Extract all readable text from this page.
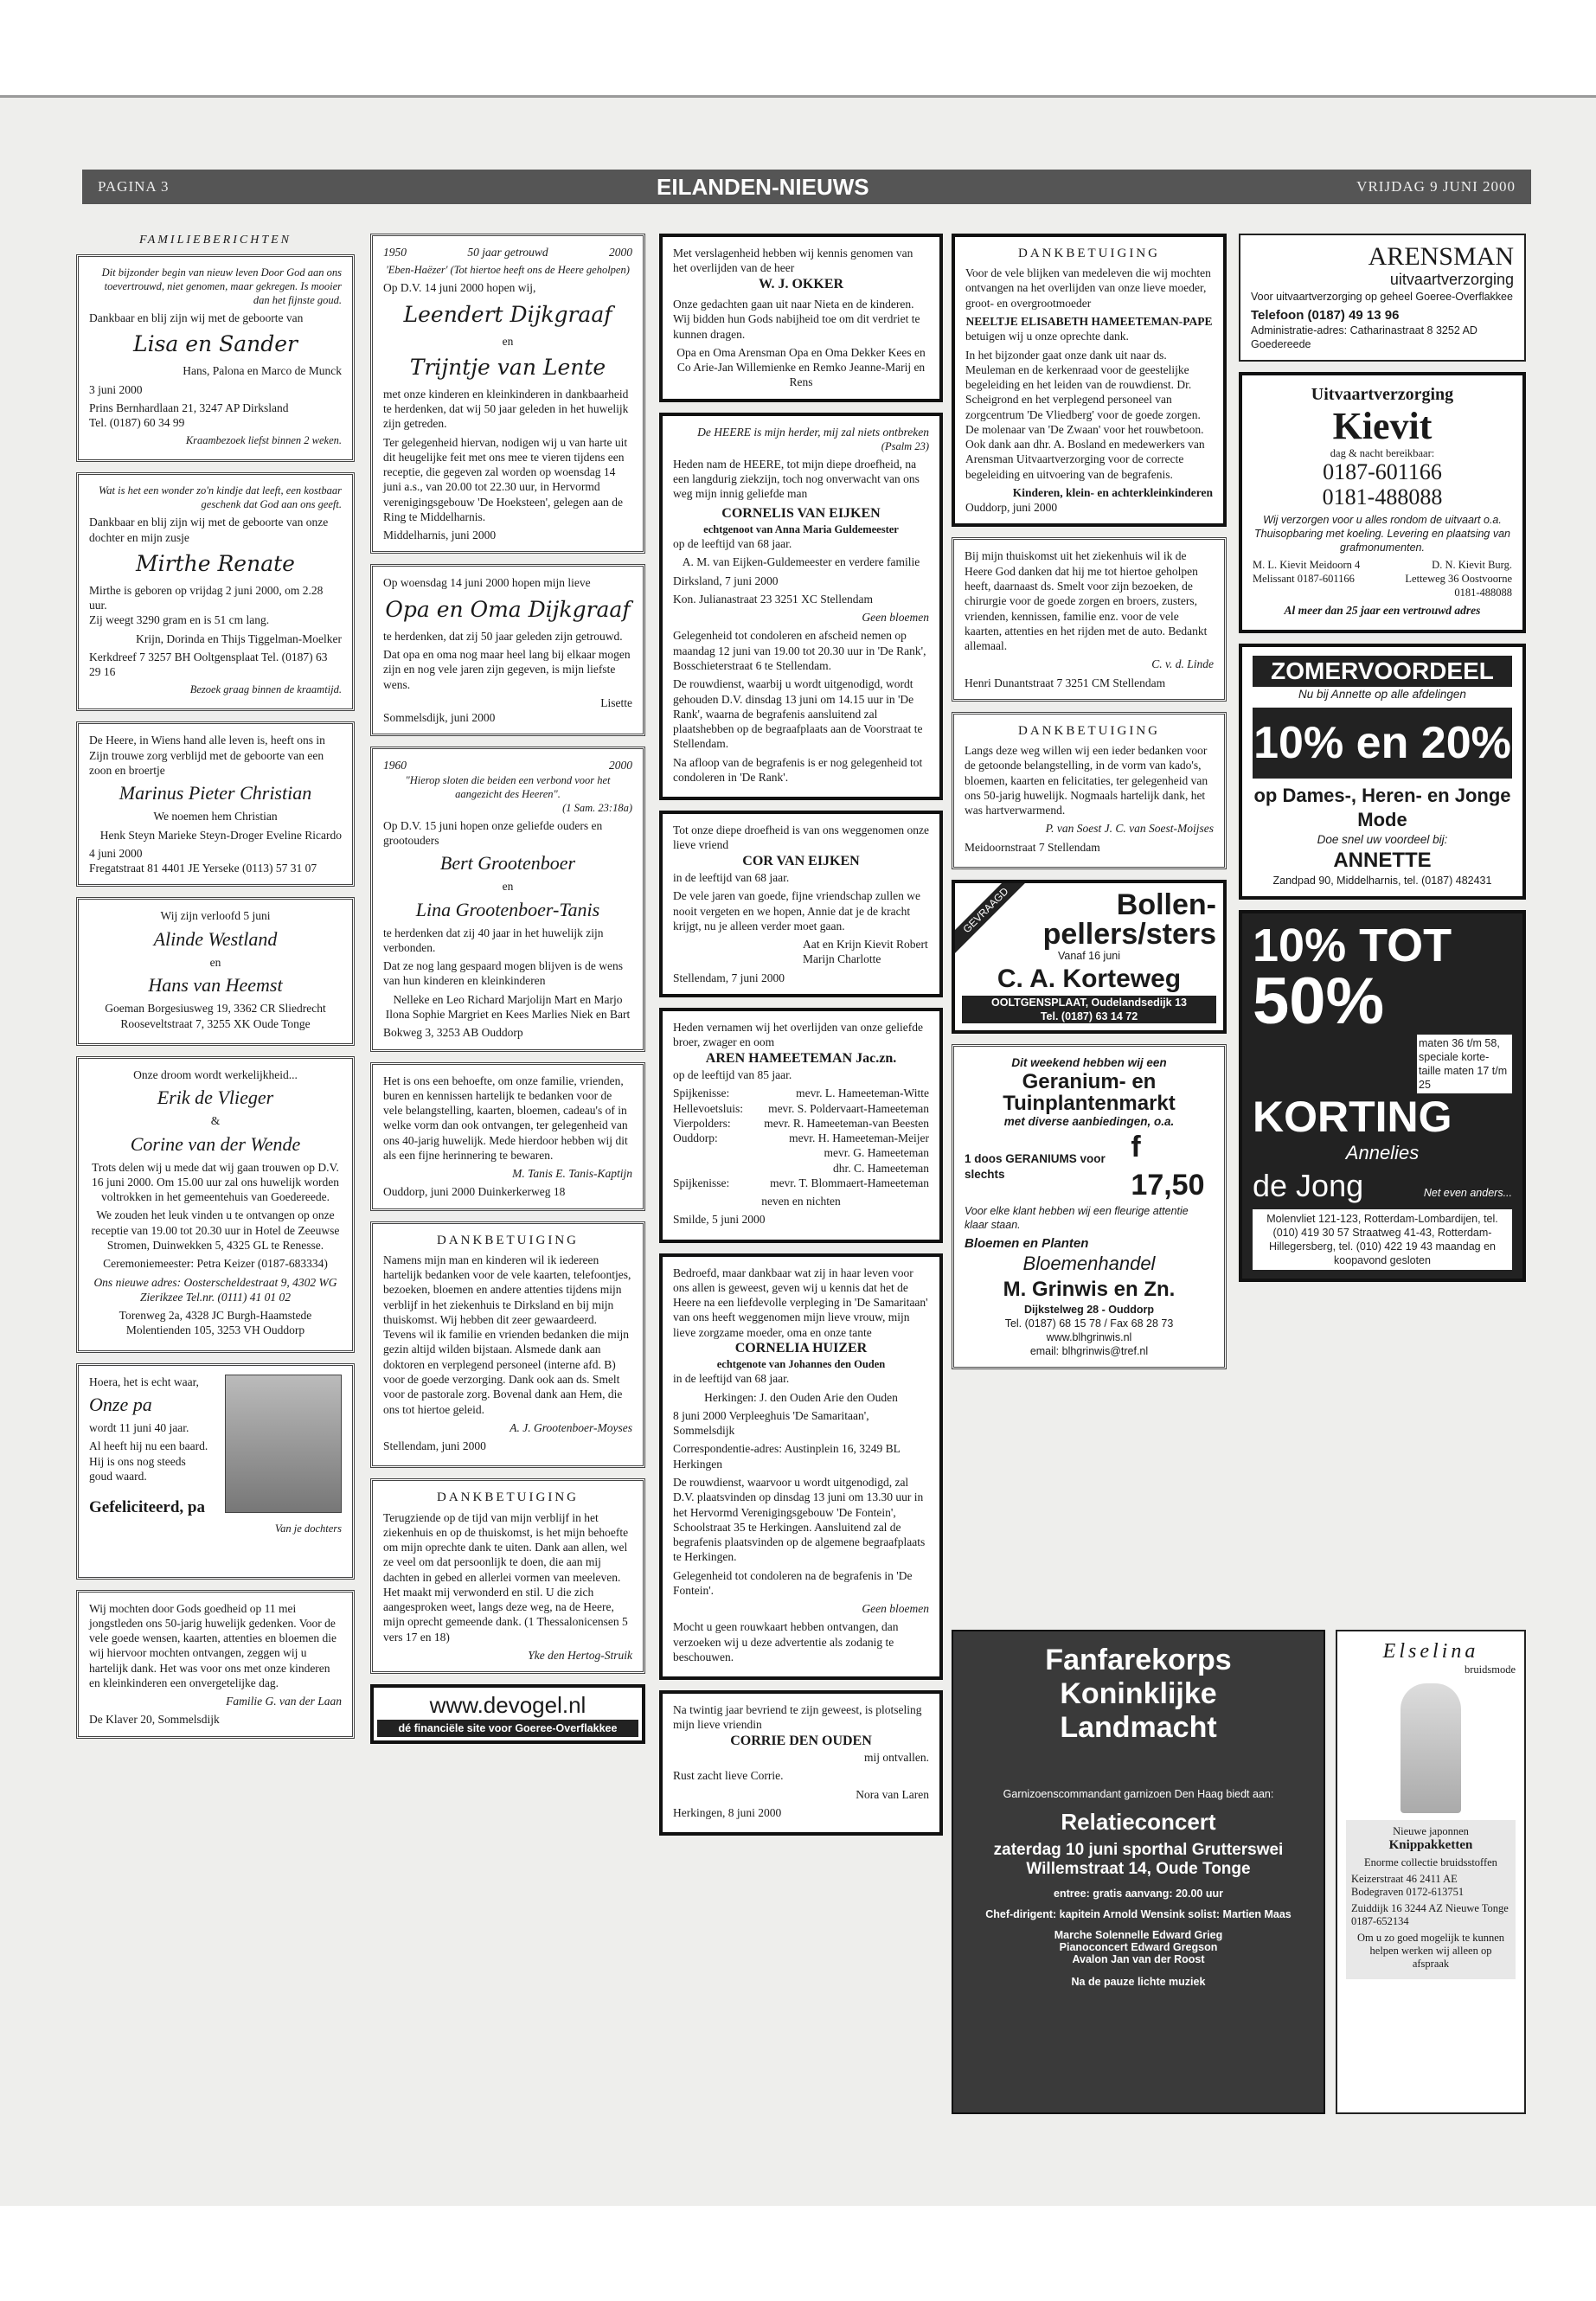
PAGINA 3	EILANDEN-NIEUWS	VRIJDAG 9 JUNI 2000
FAMILIEBERICHTEN
Dit bijzonder begin van nieuw leven Door God aan ons toevertrouwd, niet genomen, maar gekregen. Is mooier dan het fijnste goud.
Dankbaar en blij zijn wij met de geboorte van
Lisa en Sander
Hans, Palona en Marco de Munck
3 juni 2000
Prins Bernhardlaan 21, 3247 AP Dirksland
Tel. (0187) 60 34 99
Kraambezoek liefst binnen 2 weken.
Wat is het een wonder zo'n kindje dat leeft, een kostbaar geschenk dat God aan ons geeft.
Dankbaar en blij zijn wij met de geboorte van onze dochter en mijn zusje
Mirthe Renate
Mirthe is geboren op vrijdag 2 juni 2000, om 2.28 uur.
Zij weegt 3290 gram en is 51 cm lang.
Krijn, Dorinda en Thijs Tiggelman-Moelker
Kerkdreef 7 3257 BH Ooltgensplaat Tel. (0187) 63 29 16
Bezoek graag binnen de kraamtijd.
De Heere, in Wiens hand alle leven is, heeft ons in Zijn trouwe zorg verblijd met de geboorte van een zoon en broertje
Marinus Pieter Christian
We noemen hem Christian
Henk Steyn Marieke Steyn-Droger Eveline Ricardo
4 juni 2000
Fregatstraat 81 4401 JE Yerseke (0113) 57 31 07
Wij zijn verloofd 5 juni
Alinde Westland
en
Hans van Heemst
Goeman Borgesiusweg 19, 3362 CR Sliedrecht Rooseveltstraat 7, 3255 XK Oude Tonge
Onze droom wordt werkelijkheid...
Erik de Vlieger
&
Corine van der Wende
Trots delen wij u mede dat wij gaan trouwen op D.V. 16 juni 2000. Om 15.00 uur zal ons huwelijk worden voltrokken in het gemeentehuis van Goedereede.
We zouden het leuk vinden u te ontvangen op onze receptie van 19.00 tot 20.30 uur in Hotel de Zeeuwse Stromen, Duinwekken 5, 4325 GL te Renesse.
Ceremoniemeester: Petra Keizer (0187-683334)
Ons nieuwe adres: Oosterscheldestraat 9, 4302 WG Zierikzee Tel.nr. (0111) 41 01 02
Torenweg 2a, 4328 JC Burgh-Haamstede Molentienden 105, 3253 VH Ouddorp
Hoera, het is echt waar,
Onze pa
wordt 11 juni 40 jaar.
Al heeft hij nu een baard. Hij is ons nog steeds goud waard.
Gefeliciteerd, pa
Van je dochters
Wij mochten door Gods goedheid op 11 mei jongstleden ons 50-jarig huwelijk gedenken. Voor de vele goede wensen, kaarten, attenties en bloemen die wij hiervoor mochten ontvangen, zeggen wij u hartelijk dank. Het was voor ons met onze kinderen en kleinkinderen een onvergetelijke dag.
Familie G. van der Laan
De Klaver 20, Sommelsdijk
1950	50 jaar getrouwd	2000
'Eben-Haëzer' (Tot hiertoe heeft ons de Heere geholpen)
Op D.V. 14 juni 2000 hopen wij,
Leendert Dijkgraaf
en
Trijntje van Lente
met onze kinderen en kleinkinderen in dankbaarheid te herdenken, dat wij 50 jaar geleden in het huwelijk zijn getreden.
Ter gelegenheid hiervan, nodigen wij u van harte uit dit heugelijke feit met ons mee te vieren tijdens een receptie, die gegeven zal worden op woensdag 14 juni a.s., van 20.00 tot 22.30 uur, in Hervormd verenigingsgebouw 'De Hoeksteen', gelegen aan de Ring te Middelharnis.
Middelharnis, juni 2000
Op woensdag 14 juni 2000 hopen mijn lieve
Opa en Oma Dijkgraaf
te herdenken, dat zij 50 jaar geleden zijn getrouwd.
Dat opa en oma nog maar heel lang bij elkaar mogen zijn en nog vele jaren zijn gegeven, is mijn liefste wens.
Lisette
Sommelsdijk, juni 2000
1960	2000
"Hierop sloten die beiden een verbond voor het aangezicht des Heeren".
(1 Sam. 23:18a)
Op D.V. 15 juni hopen onze geliefde ouders en grootouders
Bert Grootenboer
en
Lina Grootenboer-Tanis
te herdenken dat zij 40 jaar in het huwelijk zijn verbonden.
Dat ze nog lang gespaard mogen blijven is de wens van hun kinderen en kleinkinderen
Nelleke en Leo Richard Marjolijn Mart en Marjo Ilona Sophie Margriet en Kees Marlies Niek en Bart
Bokweg 3, 3253 AB Ouddorp
Het is ons een behoefte, om onze familie, vrienden, buren en kennissen hartelijk te bedanken voor de vele belangstelling, kaarten, bloemen, cadeau's of in welke vorm dan ook ontvangen, ter gelegenheid van ons 40-jarig huwelijk. Mede hierdoor hebben wij dit als een fijne herinnering te bewaren.
M. Tanis E. Tanis-Kaptijn
Ouddorp, juni 2000 Duinkerkerweg 18
DANKBETUIGING
Namens mijn man en kinderen wil ik iedereen hartelijk bedanken voor de vele kaarten, telefoontjes, bezoeken, bloemen en andere attenties tijdens mijn verblijf in het ziekenhuis te Dirksland en bij mijn thuiskomst. Wij hebben dit zeer gewaardeerd. Tevens wil ik familie en vrienden bedanken die mijn gezin altijd wilden bijstaan. Alsmede dank aan doktoren en verplegend personeel (interne afd. B) voor de goede verzorging. Dank ook aan ds. Smelt voor de pastorale zorg. Bovenal dank aan Hem, die ons tot hiertoe geleid.
A. J. Grootenboer-Moyses
Stellendam, juni 2000
DANKBETUIGING
Terugziende op de tijd van mijn verblijf in het ziekenhuis en op de thuiskomst, is het mijn behoefte om mijn oprechte dank te uiten. Dank aan allen, wel ze veel om dat persoonlijk te doen, die aan mij dachten in gebed en allerlei vormen van meeleven. Het maakt mij verwonderd en stil. U die zich aangesproken weet, langs deze weg, na de Heere, mijn oprecht gemeende dank. (1 Thessalonicensen 5 vers 17 en 18)
Yke den Hertog-Struik
www.devogel.nl
dé financiële site voor Goeree-Overflakkee
Met verslagenheid hebben wij kennis genomen van het overlijden van de heer
W. J. OKKER
Onze gedachten gaan uit naar Nieta en de kinderen. Wij bidden hun Gods nabijheid toe om dit verdriet te kunnen dragen.
Opa en Oma Arensman Opa en Oma Dekker Kees en Co Arie-Jan Willemienke en Remko Jeanne-Marij en Rens
De HEERE is mijn herder, mij zal niets ontbreken
(Psalm 23)
Heden nam de HEERE, tot mijn diepe droefheid, na een langdurig ziekzijn, toch nog onverwacht van ons weg mijn innig geliefde man
CORNELIS VAN EIJKEN
echtgenoot van Anna Maria Guldemeester
op de leeftijd van 68 jaar.
A. M. van Eijken-Guldemeester en verdere familie
Dirksland, 7 juni 2000
Kon. Julianastraat 23 3251 XC Stellendam
Geen bloemen
Gelegenheid tot condoleren en afscheid nemen op maandag 12 juni van 19.00 tot 20.30 uur in 'De Rank', Bosschieterstraat 6 te Stellendam.
De rouwdienst, waarbij u wordt uitgenodigd, wordt gehouden D.V. dinsdag 13 juni om 14.15 uur in 'De Rank', waarna de begrafenis aansluitend zal plaatshebben op de begraafplaats aan de Voorstraat te Stellendam.
Na afloop van de begrafenis is er nog gelegenheid tot condoleren in 'De Rank'.
Tot onze diepe droefheid is van ons weggenomen onze lieve vriend
COR VAN EIJKEN
in de leeftijd van 68 jaar.
De vele jaren van goede, fijne vriendschap zullen we nooit vergeten en we hopen, Annie dat je de kracht krijgt, nu je alleen verder moet gaan.
Aat en Krijn Kievit Robert Marijn Charlotte
Stellendam, 7 juni 2000
Heden vernamen wij het overlijden van onze geliefde broer, zwager en oom
AREN HAMEETEMAN Jac.zn.
op de leeftijd van 85 jaar.
Spijkenisse:	mevr. L. Hameeteman-Witte
Hellevoetsluis: mevr. S. Poldervaart-Hameeteman
Vierpolders:	mevr. R. Hameeteman-van Beesten
Ouddorp:	mevr. H. Hameeteman-Meijer
mevr. G. Hameeteman
dhr. C. Hameeteman
Spijkenisse:	mevr. T. Blommaert-Hameeteman
neven en nichten
Smilde, 5 juni 2000
Bedroefd, maar dankbaar wat zij in haar leven voor ons allen is geweest, geven wij u kennis dat het de Heere na een liefdevolle verpleging in 'De Samaritaan' van ons heeft weggenomen mijn lieve vrouw, mijn lieve zorgzame moeder, oma en onze tante
CORNELIA HUIZER
echtgenote van Johannes den Ouden
in de leeftijd van 68 jaar.
Herkingen: J. den Ouden Arie den Ouden
8 juni 2000 Verpleeghuis 'De Samaritaan', Sommelsdijk
Correspondentie-adres: Austinplein 16, 3249 BL Herkingen
De rouwdienst, waarvoor u wordt uitgenodigd, zal D.V. plaatsvinden op dinsdag 13 juni om 13.30 uur in het Hervormd Verenigingsgebouw 'De Fontein', Schoolstraat 35 te Herkingen. Aansluitend zal de begrafenis plaatsvinden op de algemene begraafplaats te Herkingen.
Gelegenheid tot condoleren na de begrafenis in 'De Fontein'.
Geen bloemen
Mocht u geen rouwkaart hebben ontvangen, dan verzoeken wij u deze advertentie als zodanig te beschouwen.
Na twintig jaar bevriend te zijn geweest, is plotseling mijn lieve vriendin
CORRIE DEN OUDEN
mij ontvallen.
Rust zacht lieve Corrie.
Nora van Laren
Herkingen, 8 juni 2000
DANKBETUIGING
Voor de vele blijken van medeleven die wij mochten ontvangen na het overlijden van onze lieve moeder, groot- en overgrootmoeder
NEELTJE ELISABETH HAMEETEMAN-PAPE
betuigen wij u onze oprechte dank.
In het bijzonder gaat onze dank uit naar ds. Meuleman en de kerkenraad voor de geestelijke begeleiding en het leiden van de rouwdienst. Dr. Scheigrond en het verplegend personeel van zorgcentrum 'De Vliedberg' voor de goede zorgen. De molenaar van 'De Zwaan' voor het rouwbetoon. Ook dank aan dhr. A. Bosland en medewerkers van Arensman Uitvaartverzorging voor de correcte begeleiding en uitvoering van de begrafenis.
Kinderen, klein- en achterkleinkinderen
Ouddorp, juni 2000
Bij mijn thuiskomst uit het ziekenhuis wil ik de Heere God danken dat hij me tot hiertoe geholpen heeft, daarnaast ds. Smelt voor zijn bezoeken, de chirurgie voor de goede zorgen en broers, zusters, vrienden, kennissen, familie enz. voor de vele kaarten, attenties en het rijden met de auto. Bedankt allemaal.
C. v. d. Linde
Henri Dunantstraat 7 3251 CM Stellendam
DANKBETUIGING
Langs deze weg willen wij een ieder bedanken voor de getoonde belangstelling, in de vorm van kado's, bloemen, kaarten en felicitaties, ter gelegenheid van ons 50-jarig huwelijk. Nogmaals hartelijk dank, het was hartverwarmend.
P. van Soest J. C. van Soest-Moijses
Meidoornstraat 7 Stellendam
GEVRAAGD	Bollen-pellers/sters
Vanaf 16 juni
C. A. Korteweg
OOLTGENSPLAAT, Oudelandsedijk 13
Tel. (0187) 63 14 72
Dit weekend hebben wij een
Geranium- en Tuinplantenmarkt
met diverse aanbiedingen, o.a.
1 doos GERANIUMS voor slechts
f 17,50
Voor elke klant hebben wij een fleurige attentie klaar staan.
Bloemen en Planten
Bloemenhandel
M. Grinwis en Zn.
Dijkstelweg 28 - Ouddorp
Tel. (0187) 68 15 78 / Fax 68 28 73
www.blhgrinwis.nl
email: blhgrinwis@tref.nl
ARENSMAN
uitvaartverzorging
Voor uitvaartverzorging op geheel Goeree-Overflakkee
Telefoon (0187) 49 13 96
Administratie-adres: Catharinastraat 8 3252 AD Goedereede
Uitvaartverzorging
Kievit
dag & nacht bereikbaar:
0187-601166
0181-488088
Wij verzorgen voor u alles rondom de uitvaart o.a. Thuisopbaring met koeling. Levering en plaatsing van grafmonumenten.
M. L. Kievit Meidoorn 4 Melissant 0187-601166
D. N. Kievit Burg. Letteweg 36 Oostvoorne 0181-488088
Al meer dan 25 jaar een vertrouwd adres
ZOMERVOORDEEL
Nu bij Annette op alle afdelingen
10% en 20%
op Dames-, Heren- en Jonge Mode
Doe snel uw voordeel bij:
ANNETTE
Zandpad 90, Middelharnis, tel. (0187) 482431
10% TOT
50%
maten 36 t/m 58, speciale korte-taille maten 17 t/m 25
KORTING
Annelies
de Jong	Net even anders...
Molenvliet 121-123, Rotterdam-Lombardijen, tel. (010) 419 30 57 Straatweg 41-43, Rotterdam-Hillegersberg, tel. (010) 422 19 43 maandag en koopavond gesloten
Fanfarekorps
Koninklijke
Landmacht
Garnizoenscommandant garnizoen Den Haag biedt aan:
Relatieconcert
zaterdag 10 juni sporthal Grutterswei
Willemstraat 14, Oude Tonge
entree: gratis aanvang: 20.00 uur
Chef-dirigent: kapitein Arnold Wensink solist: Martien Maas
Marche Solennelle Edward Grieg
Pianoconcert Edward Gregson
Avalon Jan van der Roost
Na de pauze lichte muziek
Elselina
bruidsmode
Nieuwe japonnen
Knippakketten
Enorme collectie bruidsstoffen
Keizerstraat 46 2411 AE Bodegraven 0172-613751
Zuiddijk 16 3244 AZ Nieuwe Tonge 0187-652134
Om u zo goed mogelijk te kunnen helpen werken wij alleen op afspraak
